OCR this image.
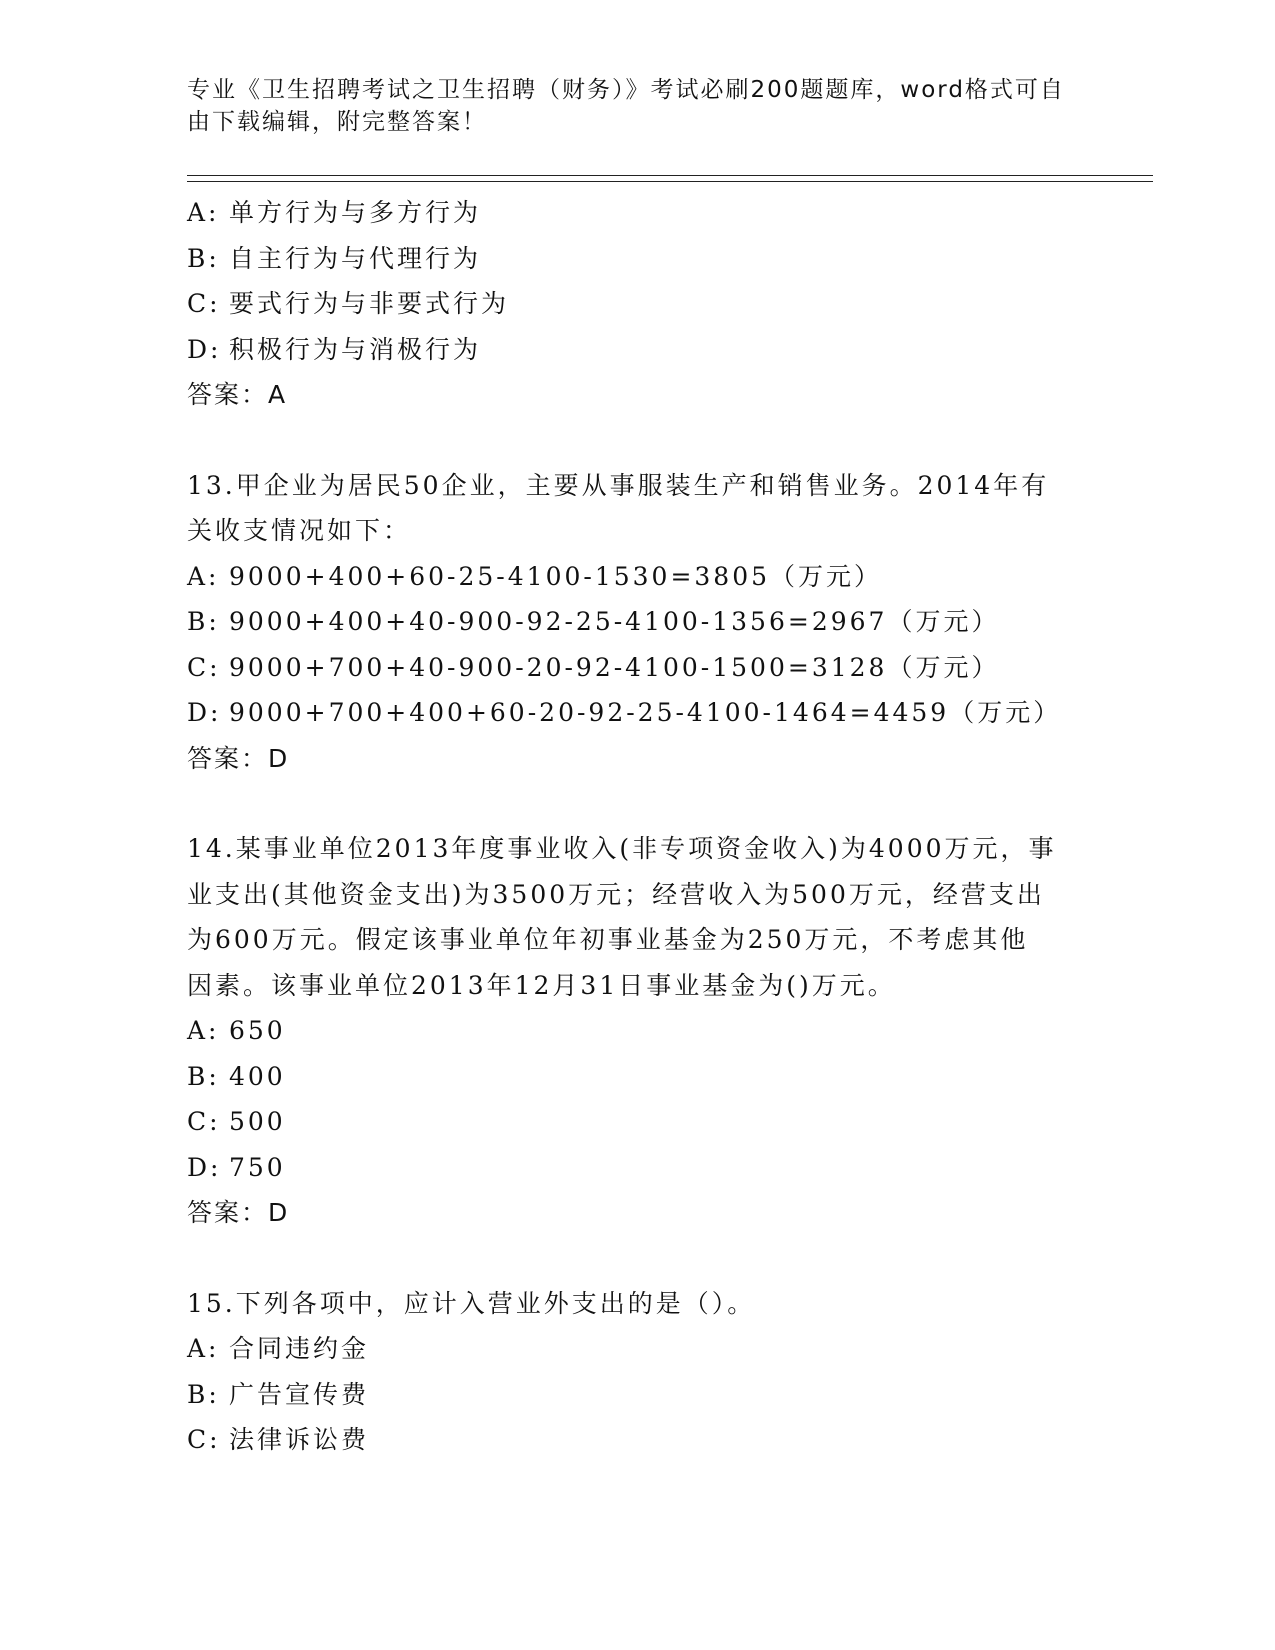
专业《卫生招聘考试之卫生招聘（财务）》考试必刷200题题库，word格式可自
由下载编辑，附完整答案！
A: 单方行为与多方行为
B: 自主行为与代理行为
C: 要式行为与非要式行为
D: 积极行为与消极行为
答案：A
13.甲企业为居民50企业，主要从事服装生产和销售业务。2014年有
关收支情况如下：
A: 9000+400+60-25-4100-1530=3805（万元）
B: 9000+400+40-900-92-25-4100-1356=2967（万元）
C: 9000+700+40-900-20-92-4100-1500=3128（万元）
D: 9000+700+400+60-20-92-25-4100-1464=4459（万元）
答案：D
14.某事业单位2013年度事业收入(非专项资金收入)为4000万元，事
业支出(其他资金支出)为3500万元；经营收入为500万元，经营支出
为600万元。假定该事业单位年初事业基金为250万元，不考虑其他
因素。该事业单位2013年12月31日事业基金为()万元。
A: 650
B: 400
C: 500
D: 750
答案：D
15.下列各项中，应计入营业外支出的是（）。
A: 合同违约金
B: 广告宣传费
C: 法律诉讼费
